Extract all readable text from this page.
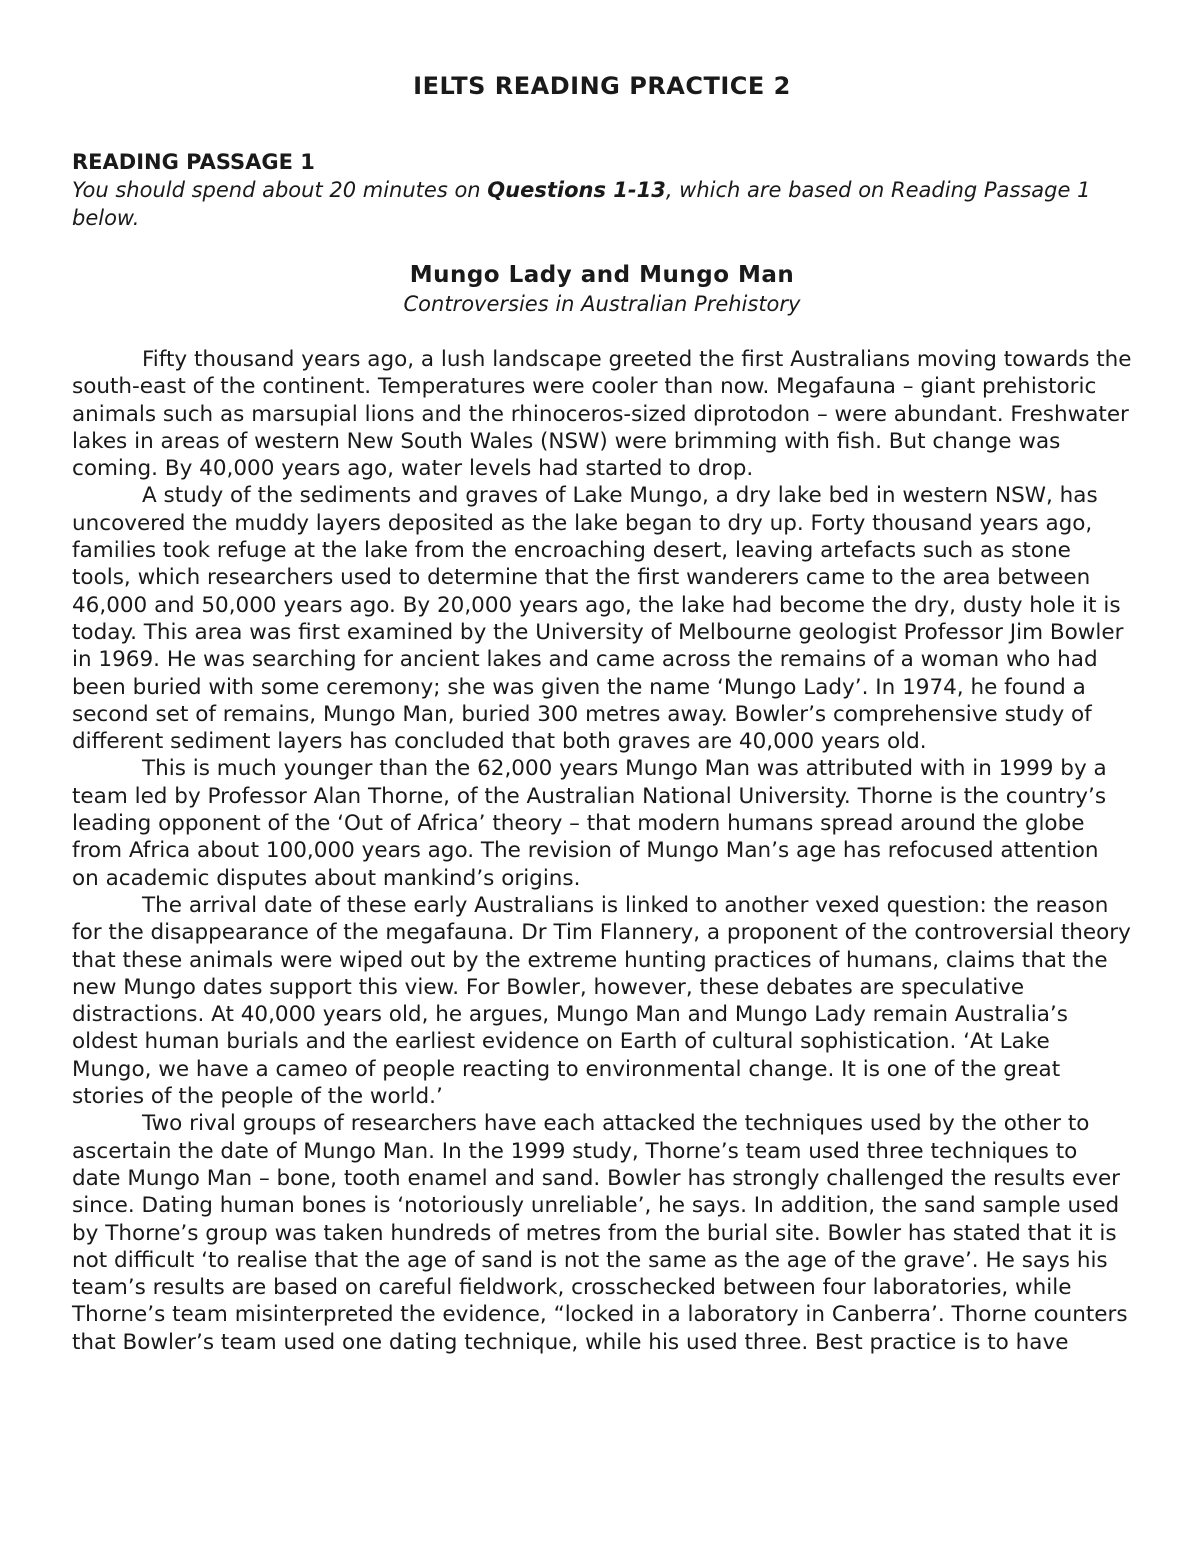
IELTS READING PRACTICE 2

READING PASSAGE 1

You should spend about 20 minutes on Questions 1-13, which are based on Reading Passage 1 below.

Mungo Lady and Mungo Man

Controversies in Australian Prehistory

Fifty thousand years ago, a lush landscape greeted the first Australians moving towards the south-east of the continent. Temperatures were cooler than now. Megafauna – giant prehistoric animals such as marsupial lions and the rhinoceros-sized diprotodon – were abundant. Freshwater lakes in areas of western New South Wales (NSW) were brimming with fish. But change was coming. By 40,000 years ago, water levels had started to drop.

A study of the sediments and graves of Lake Mungo, a dry lake bed in western NSW, has uncovered the muddy layers deposited as the lake began to dry up. Forty thousand years ago, families took refuge at the lake from the encroaching desert, leaving artefacts such as stone tools, which researchers used to determine that the first wanderers came to the area between 46,000 and 50,000 years ago. By 20,000 years ago, the lake had become the dry, dusty hole it is today. This area was first examined by the University of Melbourne geologist Professor Jim Bowler in 1969. He was searching for ancient lakes and came across the remains of a woman who had been buried with some ceremony; she was given the name ‘Mungo Lady’. In 1974, he found a second set of remains, Mungo Man, buried 300 metres away. Bowler’s comprehensive study of different sediment layers has concluded that both graves are 40,000 years old.

This is much younger than the 62,000 years Mungo Man was attributed with in 1999 by a team led by Professor Alan Thorne, of the Australian National University. Thorne is the country’s leading opponent of the ‘Out of Africa’ theory – that modern humans spread around the globe from Africa about 100,000 years ago. The revision of Mungo Man’s age has refocused attention on academic disputes about mankind’s origins.

The arrival date of these early Australians is linked to another vexed question: the reason for the disappearance of the megafauna. Dr Tim Flannery, a proponent of the controversial theory that these animals were wiped out by the extreme hunting practices of humans, claims that the new Mungo dates support this view. For Bowler, however, these debates are speculative distractions. At 40,000 years old, he argues, Mungo Man and Mungo Lady remain Australia’s oldest human burials and the earliest evidence on Earth of cultural sophistication. ‘At Lake Mungo, we have a cameo of people reacting to environmental change. It is one of the great stories of the people of the world.’

Two rival groups of researchers have each attacked the techniques used by the other to ascertain the date of Mungo Man. In the 1999 study, Thorne’s team used three techniques to date Mungo Man – bone, tooth enamel and sand. Bowler has strongly challenged the results ever since. Dating human bones is ‘notoriously unreliable’, he says. In addition, the sand sample used by Thorne’s group was taken hundreds of metres from the burial site. Bowler has stated that it is not difficult ‘to realise that the age of sand is not the same as the age of the grave’. He says his team’s results are based on careful fieldwork, crosschecked between four laboratories, while Thorne’s team misinterpreted the evidence, “locked in a laboratory in Canberra’. Thorne counters that Bowler’s team used one dating technique, while his used three. Best practice is to have
